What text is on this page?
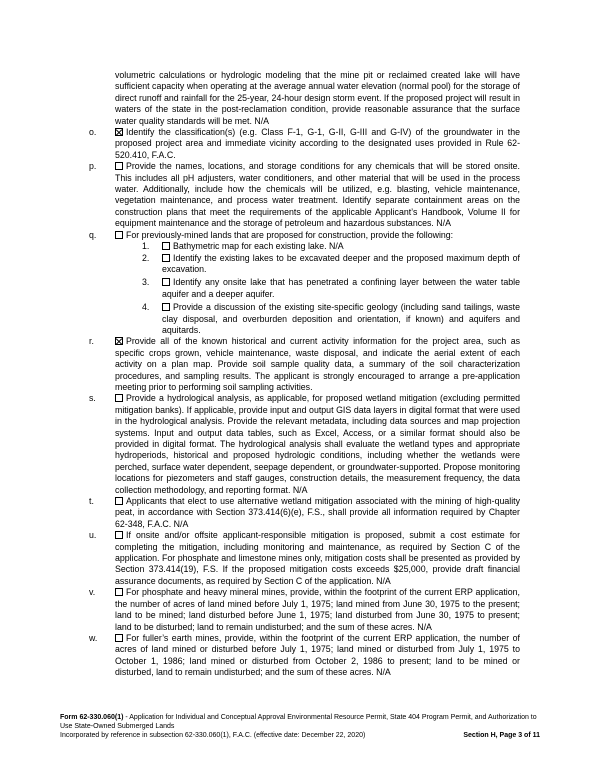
volumetric calculations or hydrologic modeling that the mine pit or reclaimed created lake will have sufficient capacity when operating at the average annual water elevation (normal pool) for the storage of direct runoff and rainfall for the 25-year, 24-hour design storm event. If the proposed project will result in waters of the state in the post-reclamation condition, provide reasonable assurance that the surface water quality standards will be met. N/A

o.	Identify the classification(s) (e.g. Class F-1, G-1, G-II, G-III and G-IV) of the groundwater in the proposed project area and immediate vicinity according to the designated uses provided in Rule 62-520.410, F.A.C.

p.	Provide the names, locations, and storage conditions for any chemicals that will be stored onsite. This includes all pH adjusters, water conditioners, and other material that will be used in the process water. Additionally, include how the chemicals will be utilized, e.g. blasting, vehicle maintenance, vegetation maintenance, and process water treatment. Identify separate containment areas on the construction plans that meet the requirements of the applicable Applicant’s Handbook, Volume II for equipment maintenance and the storage of petroleum and hazardous substances. N/A

q.	For previously-mined lands that are proposed for construction, provide the following:

1.	Bathymetric map for each existing lake. N/A

2.	Identify the existing lakes to be excavated deeper and the proposed maximum depth of excavation.

3.	Identify any onsite lake that has penetrated a confining layer between the water table aquifer and a deeper aquifer.

4.	Provide a discussion of the existing site-specific geology (including sand tailings, waste clay disposal, and overburden deposition and orientation, if known) and aquifers and aquitards.

r.	Provide all of the known historical and current activity information for the project area, such as specific crops grown, vehicle maintenance, waste disposal, and indicate the aerial extent of each activity on a plan map. Provide soil sample quality data, a summary of the soil characterization procedures, and sampling results. The applicant is strongly encouraged to arrange a pre-application meeting prior to performing soil sampling activities.

s.	Provide a hydrological analysis, as applicable, for proposed wetland mitigation (excluding permitted mitigation banks). If applicable, provide input and output GIS data layers in digital format that were used in the hydrological analysis. Provide the relevant metadata, including data sources and map projection systems. Input and output data tables, such as Excel, Access, or a similar format should also be provided in digital format. The hydrological analysis shall evaluate the wetland types and appropriate hydroperiods, historical and proposed hydrologic conditions, including whether the wetlands were perched, surface water dependent, seepage dependent, or groundwater-supported. Propose monitoring locations for piezometers and staff gauges, construction details, the measurement frequency, the data collection methodology, and reporting format. N/A

t.	Applicants that elect to use alternative wetland mitigation associated with the mining of high-quality peat, in accordance with Section 373.414(6)(e), F.S., shall provide all information required by Chapter 62-348, F.A.C. N/A

u.	If onsite and/or offsite applicant-responsible mitigation is proposed, submit a cost estimate for completing the mitigation, including monitoring and maintenance, as required by Section C of the application. For phosphate and limestone mines only, mitigation costs shall be presented as provided by Section 373.414(19), F.S. If the proposed mitigation costs exceeds $25,000, provide draft financial assurance documents, as required by Section C of the application. N/A

v.	For phosphate and heavy mineral mines, provide, within the footprint of the current ERP application, the number of acres of land mined before July 1, 1975; land mined from June 30, 1975 to the present; land to be mined; land disturbed before June 1, 1975; land disturbed from June 30, 1975 to present; land to be disturbed; land to remain undisturbed; and the sum of these acres. N/A

w.	For fuller’s earth mines, provide, within the footprint of the current ERP application, the number of acres of land mined or disturbed before July 1, 1975; land mined or disturbed from July 1, 1975 to October 1, 1986; land mined or disturbed from October 2, 1986 to present; land to be mined or disturbed, land to remain undisturbed; and the sum of these acres. N/A

Form 62-330.060(1) - Application for Individual and Conceptual Approval Environmental Resource Permit, State 404 Program Permit, and Authorization to Use State-Owned Submerged Lands
Incorporated by reference in subsection 62-330.060(1), F.A.C. (effective date: December 22, 2020)	Section H, Page 3 of 11
